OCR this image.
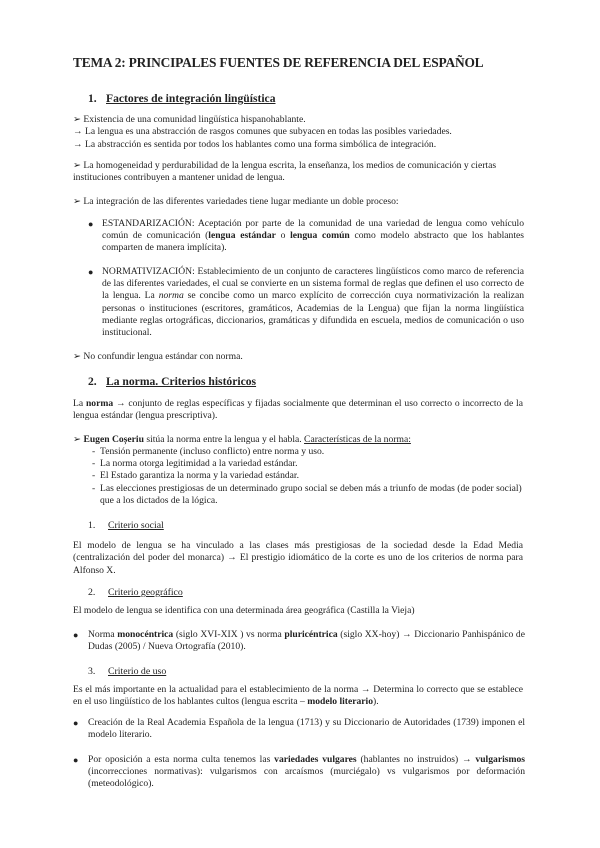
TEMA 2: PRINCIPALES FUENTES DE REFERENCIA DEL ESPAÑOL
1. Factores de integración lingüística
➢ Existencia de una comunidad lingüística hispanohablante.
→ La lengua es una abstracción de rasgos comunes que subyacen en todas las posibles variedades.
→ La abstracción es sentida por todos los hablantes como una forma simbólica de integración.
➢ La homogeneidad y perdurabilidad de la lengua escrita, la enseñanza, los medios de comunicación y ciertas instituciones contribuyen a mantener unidad de lengua.
➢ La integración de las diferentes variedades tiene lugar mediante un doble proceso:
● ESTANDARIZACIÓN: Aceptación por parte de la comunidad de una variedad de lengua como vehículo común de comunicación (lengua estándar o lengua común como modelo abstracto que los hablantes comparten de manera implícita).
● NORMATIVIZACIÓN: Establecimiento de un conjunto de caracteres lingüísticos como marco de referencia de las diferentes variedades, el cual se convierte en un sistema formal de reglas que definen el uso correcto de la lengua. La norma se concibe como un marco explícito de corrección cuya normativización la realizan personas o instituciones (escritores, gramáticos, Academias de la Lengua) que fijan la norma lingüística mediante reglas ortográficas, diccionarios, gramáticas y difundida en escuela, medios de comunicación o uso institucional.
➢ No confundir lengua estándar con norma.
2. La norma. Criterios históricos
La norma → conjunto de reglas específicas y fijadas socialmente que determinan el uso correcto o incorrecto de la lengua estándar (lengua prescriptiva).
➢ Eugen Coșeriu sitúa la norma entre la lengua y el habla. Características de la norma:
- Tensión permanente (incluso conflicto) entre norma y uso.
- La norma otorga legitimidad a la variedad estándar.
- El Estado garantiza la norma y la variedad estándar.
- Las elecciones prestigiosas de un determinado grupo social se deben más a triunfo de modas (de poder social) que a los dictados de la lógica.
1. Criterio social
El modelo de lengua se ha vinculado a las clases más prestigiosas de la sociedad desde la Edad Media (centralización del poder del monarca) → El prestigio idiomático de la corte es uno de los criterios de norma para Alfonso X.
2. Criterio geográfico
El modelo de lengua se identifica con una determinada área geográfica (Castilla la Vieja)
● Norma monocéntrica (siglo XVI-XIX ) vs norma pluricéntrica (siglo XX-hoy) → Diccionario Panhispánico de Dudas (2005) / Nueva Ortografía (2010).
3. Criterio de uso
Es el más importante en la actualidad para el establecimiento de la norma → Determina lo correcto que se establece en el uso lingüístico de los hablantes cultos (lengua escrita – modelo literario).
● Creación de la Real Academia Española de la lengua (1713) y su Diccionario de Autoridades (1739) imponen el modelo literario.
● Por oposición a esta norma culta tenemos las variedades vulgares (hablantes no instruidos) → vulgarismos (incorrecciones normativas): vulgarismos con arcaísmos (murciégalo) vs vulgarismos por deformación (meteodológico).
